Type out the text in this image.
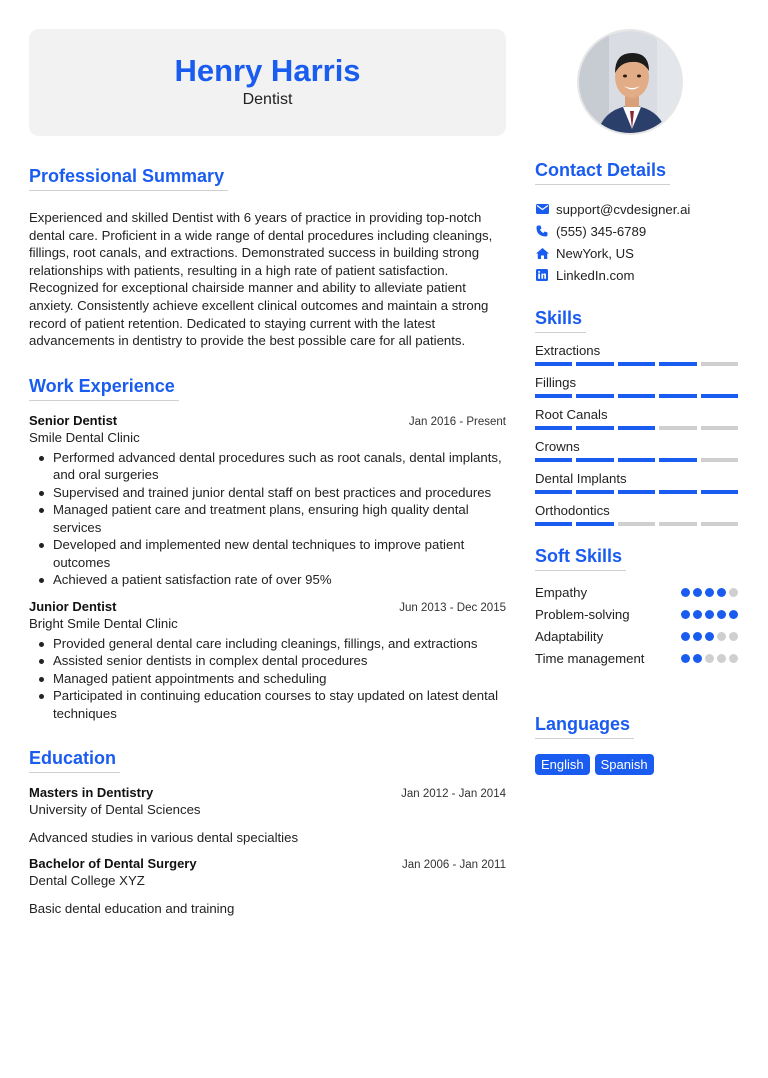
Henry Harris
Dentist
Professional Summary
Experienced and skilled Dentist with 6 years of practice in providing top-notch dental care. Proficient in a wide range of dental procedures including cleanings, fillings, root canals, and extractions. Demonstrated success in building strong relationships with patients, resulting in a high rate of patient satisfaction. Recognized for exceptional chairside manner and ability to alleviate patient anxiety. Consistently achieve excellent clinical outcomes and maintain a strong record of patient retention. Dedicated to staying current with the latest advancements in dentistry to provide the best possible care for all patients.
Work Experience
Senior Dentist	Jan 2016 - Present
Smile Dental Clinic
Performed advanced dental procedures such as root canals, dental implants, and oral surgeries
Supervised and trained junior dental staff on best practices and procedures
Managed patient care and treatment plans, ensuring high quality dental services
Developed and implemented new dental techniques to improve patient outcomes
Achieved a patient satisfaction rate of over 95%
Junior Dentist	Jun 2013 - Dec 2015
Bright Smile Dental Clinic
Provided general dental care including cleanings, fillings, and extractions
Assisted senior dentists in complex dental procedures
Managed patient appointments and scheduling
Participated in continuing education courses to stay updated on latest dental techniques
Education
Masters in Dentistry	Jan 2012 - Jan 2014
University of Dental Sciences
Advanced studies in various dental specialties
Bachelor of Dental Surgery	Jan 2006 - Jan 2011
Dental College XYZ
Basic dental education and training
Contact Details
support@cvdesigner.ai
(555) 345-6789
NewYork, US
LinkedIn.com
Skills
Extractions
Fillings
Root Canals
Crowns
Dental Implants
Orthodontics
Soft Skills
Empathy
Problem-solving
Adaptability
Time management
Languages
English	Spanish
